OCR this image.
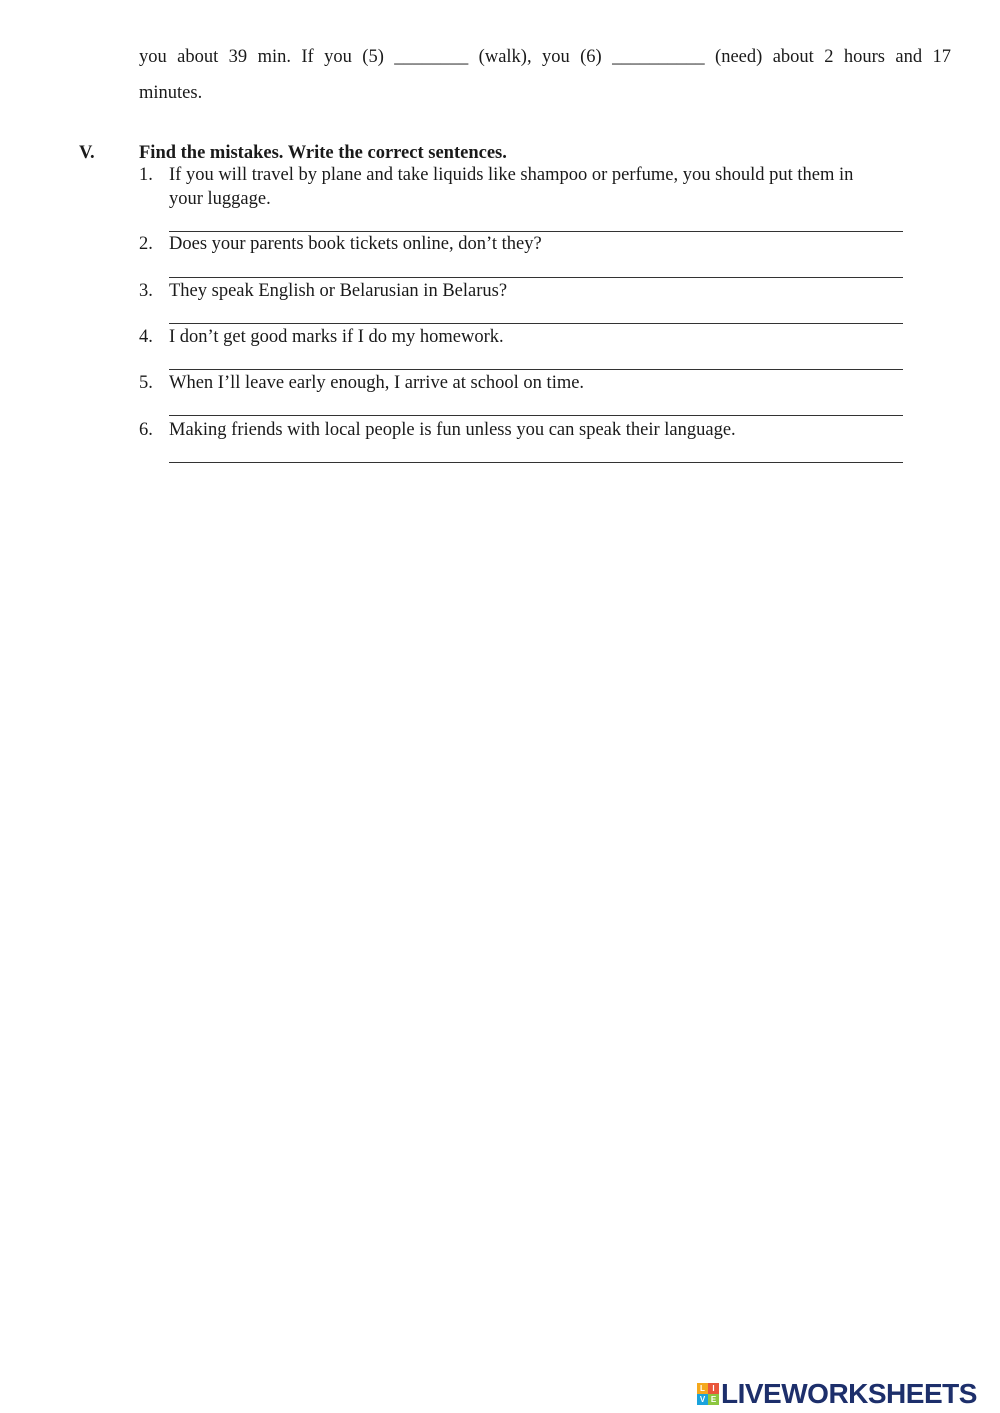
you about 39 min. If you (5) ________ (walk), you (6) __________ (need) about 2 hours and 17
minutes.
V. Find the mistakes. Write the correct sentences.
1. If you will travel by plane and take liquids like shampoo or perfume, you should put them in
your luggage.
2. Does your parents book tickets online, don’t they?
3. They speak English or Belarusian in Belarus?
4. I don’t get good marks if I do my homework.
5. When I’ll leave early enough, I arrive at school on time.
6. Making friends with local people is fun unless you can speak their language.
L I
V E LIVEWORKSHEETS
